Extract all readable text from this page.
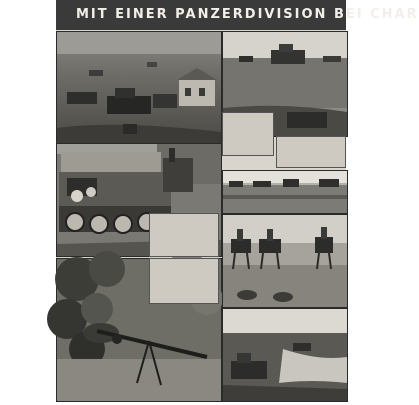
MIT EINER PANZERDIVISION BEI CHAR
